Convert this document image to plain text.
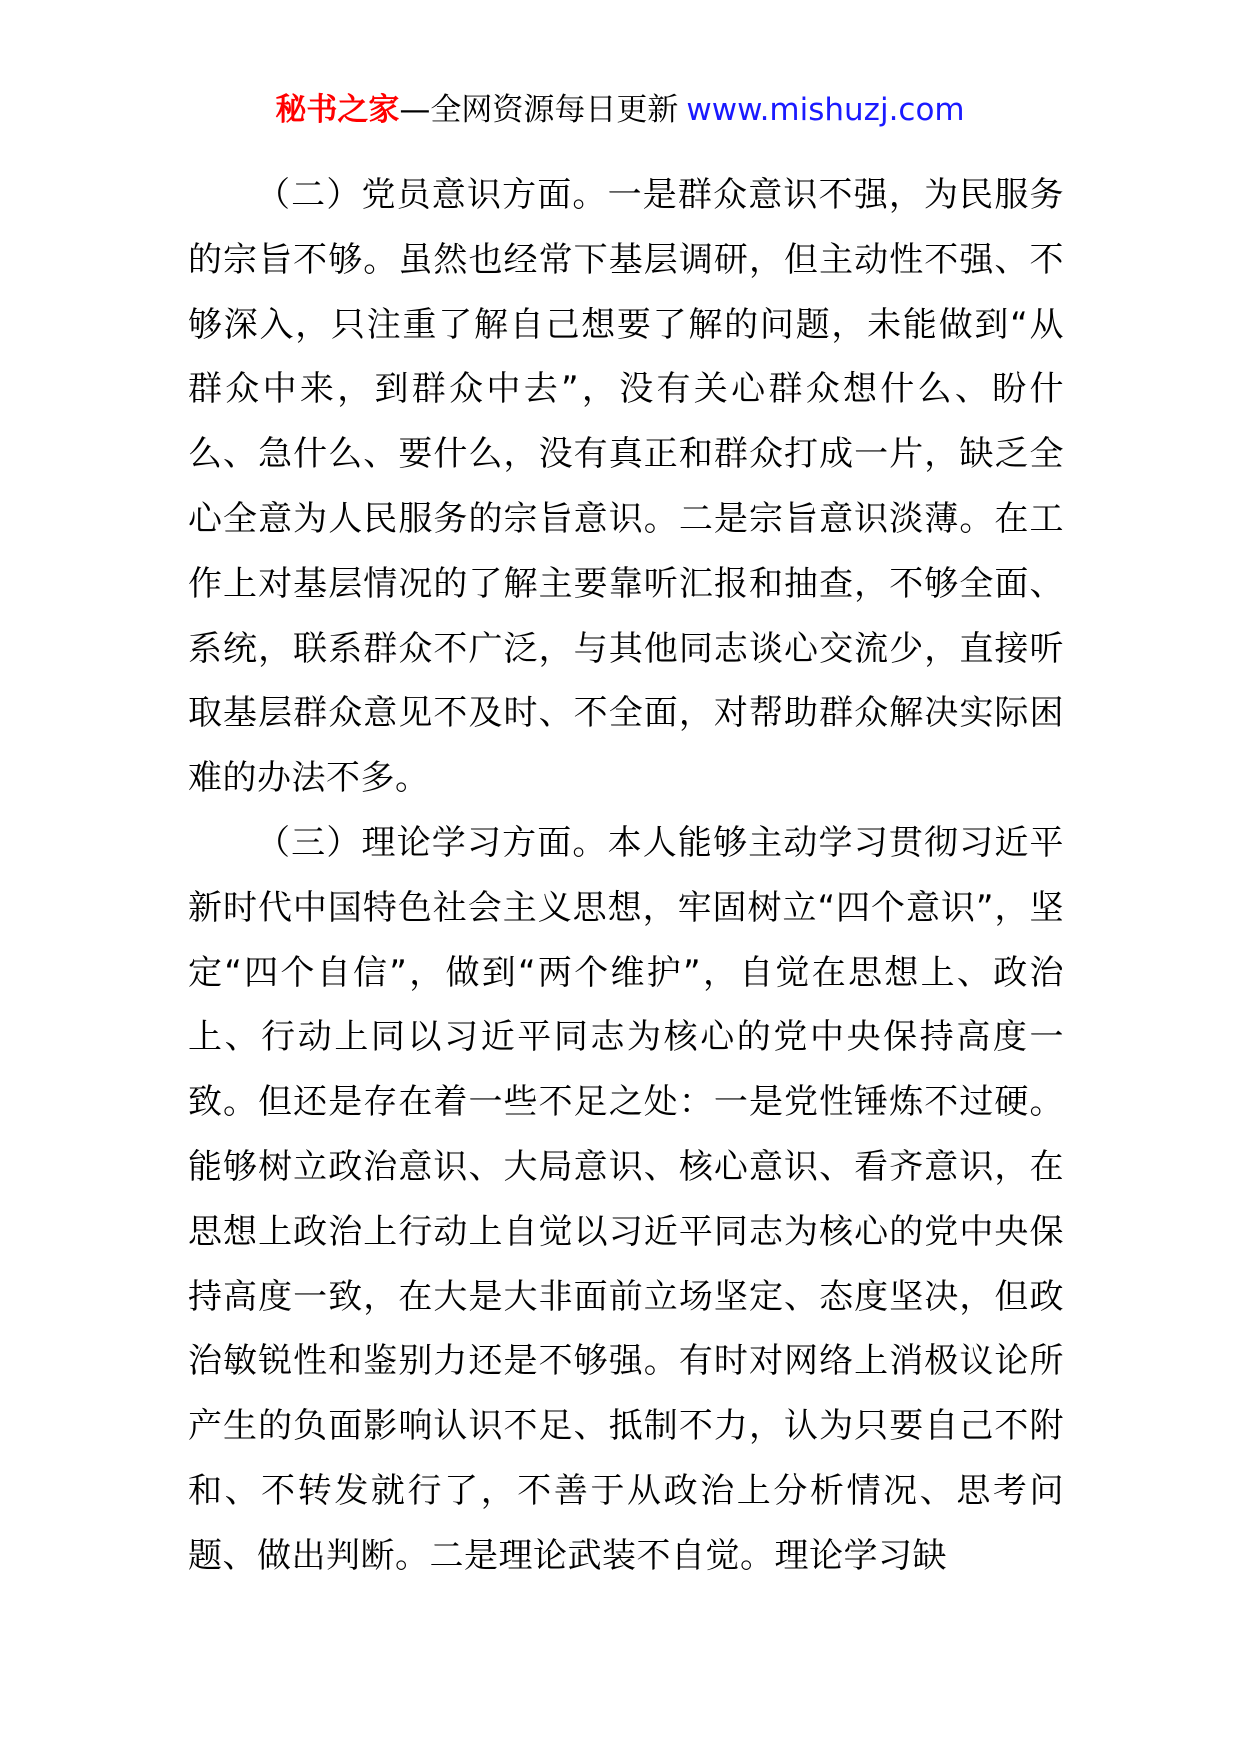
秘书之家—全网资源每日更新 www.mishuzj.com

（二）党员意识方面。一是群众意识不强，为民服务的宗旨不够。虽然也经常下基层调研，但主动性不强、不够深入，只注重了解自己想要了解的问题，未能做到“从群众中来，到群众中去”，没有关心群众想什么、盼什么、急什么、要什么，没有真正和群众打成一片，缺乏全心全意为人民服务的宗旨意识。二是宗旨意识淡薄。在工作上对基层情况的了解主要靠听汇报和抽查，不够全面、系统，联系群众不广泛，与其他同志谈心交流少，直接听取基层群众意见不及时、不全面，对帮助群众解决实际困难的办法不多。

（三）理论学习方面。本人能够主动学习贯彻习近平新时代中国特色社会主义思想，牢固树立“四个意识”，坚定“四个自信”，做到“两个维护”，自觉在思想上、政治上、行动上同以习近平同志为核心的党中央保持高度一致。但还是存在着一些不足之处：一是党性锤炼不过硬。能够树立政治意识、大局意识、核心意识、看齐意识，在思想上政治上行动上自觉以习近平同志为核心的党中央保持高度一致，在大是大非面前立场坚定、态度坚决，但政治敏锐性和鉴别力还是不够强。有时对网络上消极议论所产生的负面影响认识不足、抵制不力，认为只要自己不附和、不转发就行了，不善于从政治上分析情况、思考问题、做出判断。二是理论武装不自觉。理论学习缺
